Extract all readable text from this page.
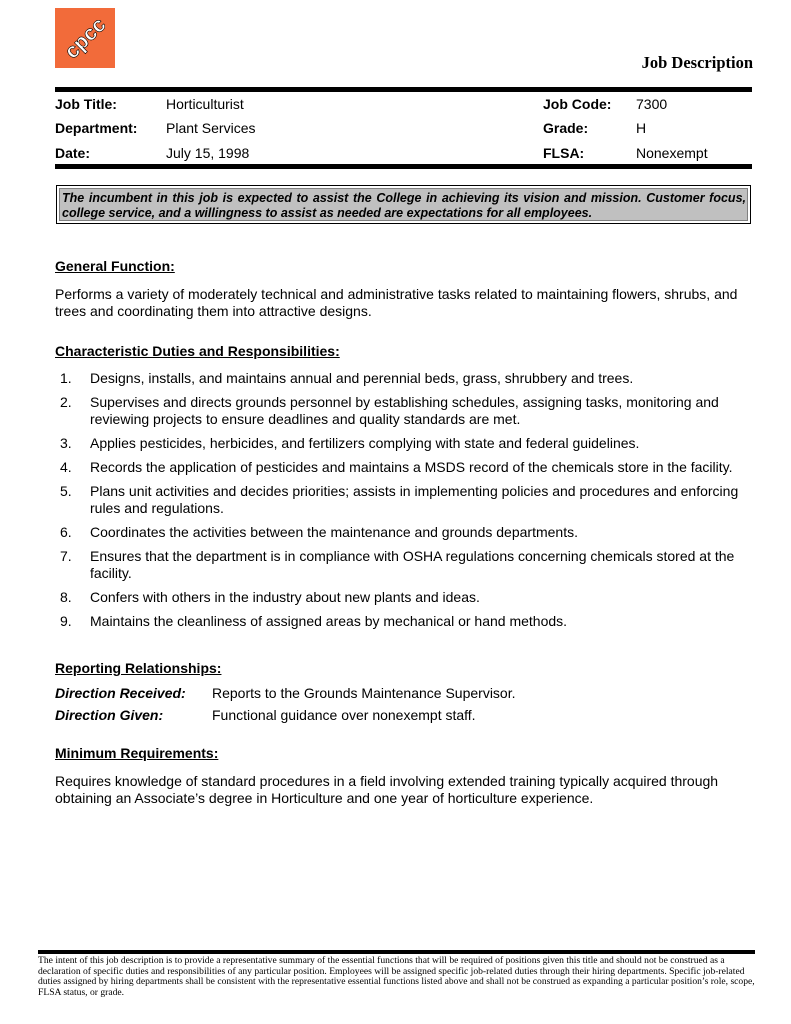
cpcc	Job Description
Job Title:	Horticulturist	Job Code: 7300
Department: Plant Services	Grade:	H
Date:	July 15, 1998	FLSA:	Nonexempt
The incumbent in this job is expected to assist the College in achieving its vision and mission. Customer focus, college service, and a willingness to assist as needed are expectations for all employees.
General Function:
Performs a variety of moderately technical and administrative tasks related to maintaining flowers, shrubs, and trees and coordinating them into attractive designs.
Characteristic Duties and Responsibilities:
1. Designs, installs, and maintains annual and perennial beds, grass, shrubbery and trees.
2. Supervises and directs grounds personnel by establishing schedules, assigning tasks, monitoring and reviewing projects to ensure deadlines and quality standards are met.
3. Applies pesticides, herbicides, and fertilizers complying with state and federal guidelines.
4. Records the application of pesticides and maintains a MSDS record of the chemicals store in the facility.
5. Plans unit activities and decides priorities; assists in implementing policies and procedures and enforcing rules and regulations.
6. Coordinates the activities between the maintenance and grounds departments.
7. Ensures that the department is in compliance with OSHA regulations concerning chemicals stored at the facility.
8. Confers with others in the industry about new plants and ideas.
9. Maintains the cleanliness of assigned areas by mechanical or hand methods.
Reporting Relationships:
Direction Received: Reports to the Grounds Maintenance Supervisor.
Direction Given:	Functional guidance over nonexempt staff.
Minimum Requirements:
Requires knowledge of standard procedures in a field involving extended training typically acquired through obtaining an Associate’s degree in Horticulture and one year of horticulture experience.
The intent of this job description is to provide a representative summary of the essential functions that will be required of positions given this title and should not be construed as a declaration of specific duties and responsibilities of any particular position. Employees will be assigned specific job-related duties through their hiring departments. Specific job-related duties assigned by hiring departments shall be consistent with the representative essential functions listed above and shall not be construed as expanding a particular position’s role, scope, FLSA status, or grade.
